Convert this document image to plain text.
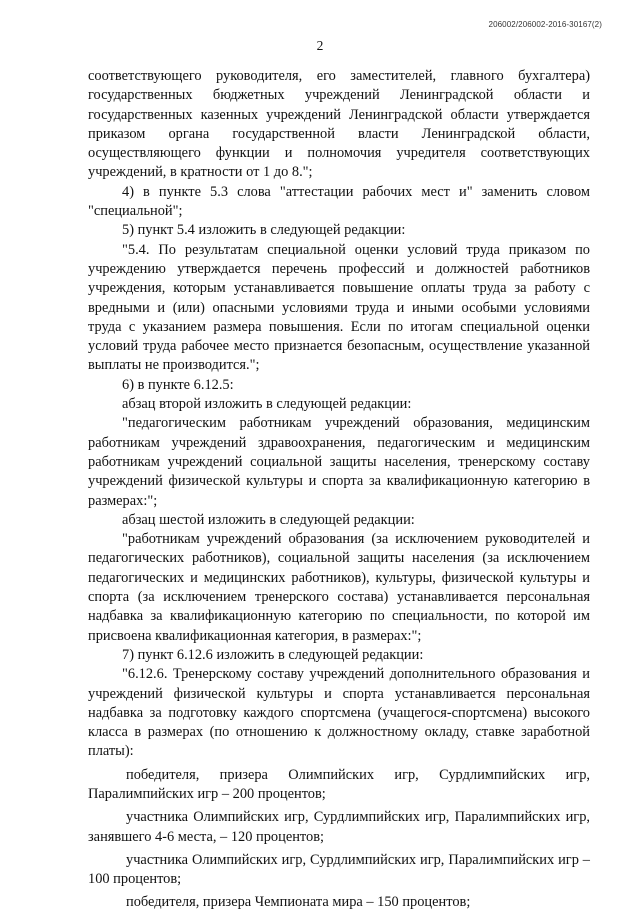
206002/206002-2016-30167(2)
2

соответствующего руководителя, его заместителей, главного бухгалтера) государственных бюджетных учреждений Ленинградской области и государственных казенных учреждений Ленинградской области утверждается приказом органа государственной власти Ленинградской области, осуществляющего функции и полномочия учредителя соответствующих учреждений, в кратности от 1 до 8.";

4) в пункте 5.3 слова "аттестации рабочих мест и" заменить словом "специальной";

5) пункт 5.4 изложить в следующей редакции:

"5.4. По результатам специальной оценки условий труда приказом по учреждению утверждается перечень профессий и должностей работников учреждения, которым устанавливается повышение оплаты труда за работу с вредными и (или) опасными условиями труда и иными особыми условиями труда с указанием размера повышения. Если по итогам специальной оценки условий труда рабочее место признается безопасным, осуществление указанной выплаты не производится.";

6) в пункте 6.12.5:

абзац второй изложить в следующей редакции:

"педагогическим работникам учреждений образования, медицинским работникам учреждений здравоохранения, педагогическим и медицинским работникам учреждений социальной защиты населения, тренерскому составу учреждений физической культуры и спорта за квалификационную категорию в размерах:";

абзац шестой изложить в следующей редакции:

"работникам учреждений образования (за исключением руководителей и педагогических работников), социальной защиты населения (за исключением педагогических и медицинских работников), культуры, физической культуры и спорта (за исключением тренерского состава) устанавливается персональная надбавка за квалификационную категорию по специальности, по которой им присвоена квалификационная категория, в размерах:";

7) пункт 6.12.6 изложить в следующей редакции:

"6.12.6. Тренерскому составу учреждений дополнительного образования и учреждений физической культуры и спорта устанавливается персональная надбавка за подготовку каждого спортсмена (учащегося-спортсмена) высокого класса в размерах (по отношению к должностному окладу, ставке заработной платы):

победителя, призера Олимпийских игр, Сурдлимпийских игр, Паралимпийских игр – 200 процентов;

участника Олимпийских игр, Сурдлимпийских игр, Паралимпийских игр, занявшего 4-6 места, – 120 процентов;

участника Олимпийских игр, Сурдлимпийских игр, Паралимпийских игр – 100 процентов;

победителя, призера Чемпионата мира – 150 процентов;
